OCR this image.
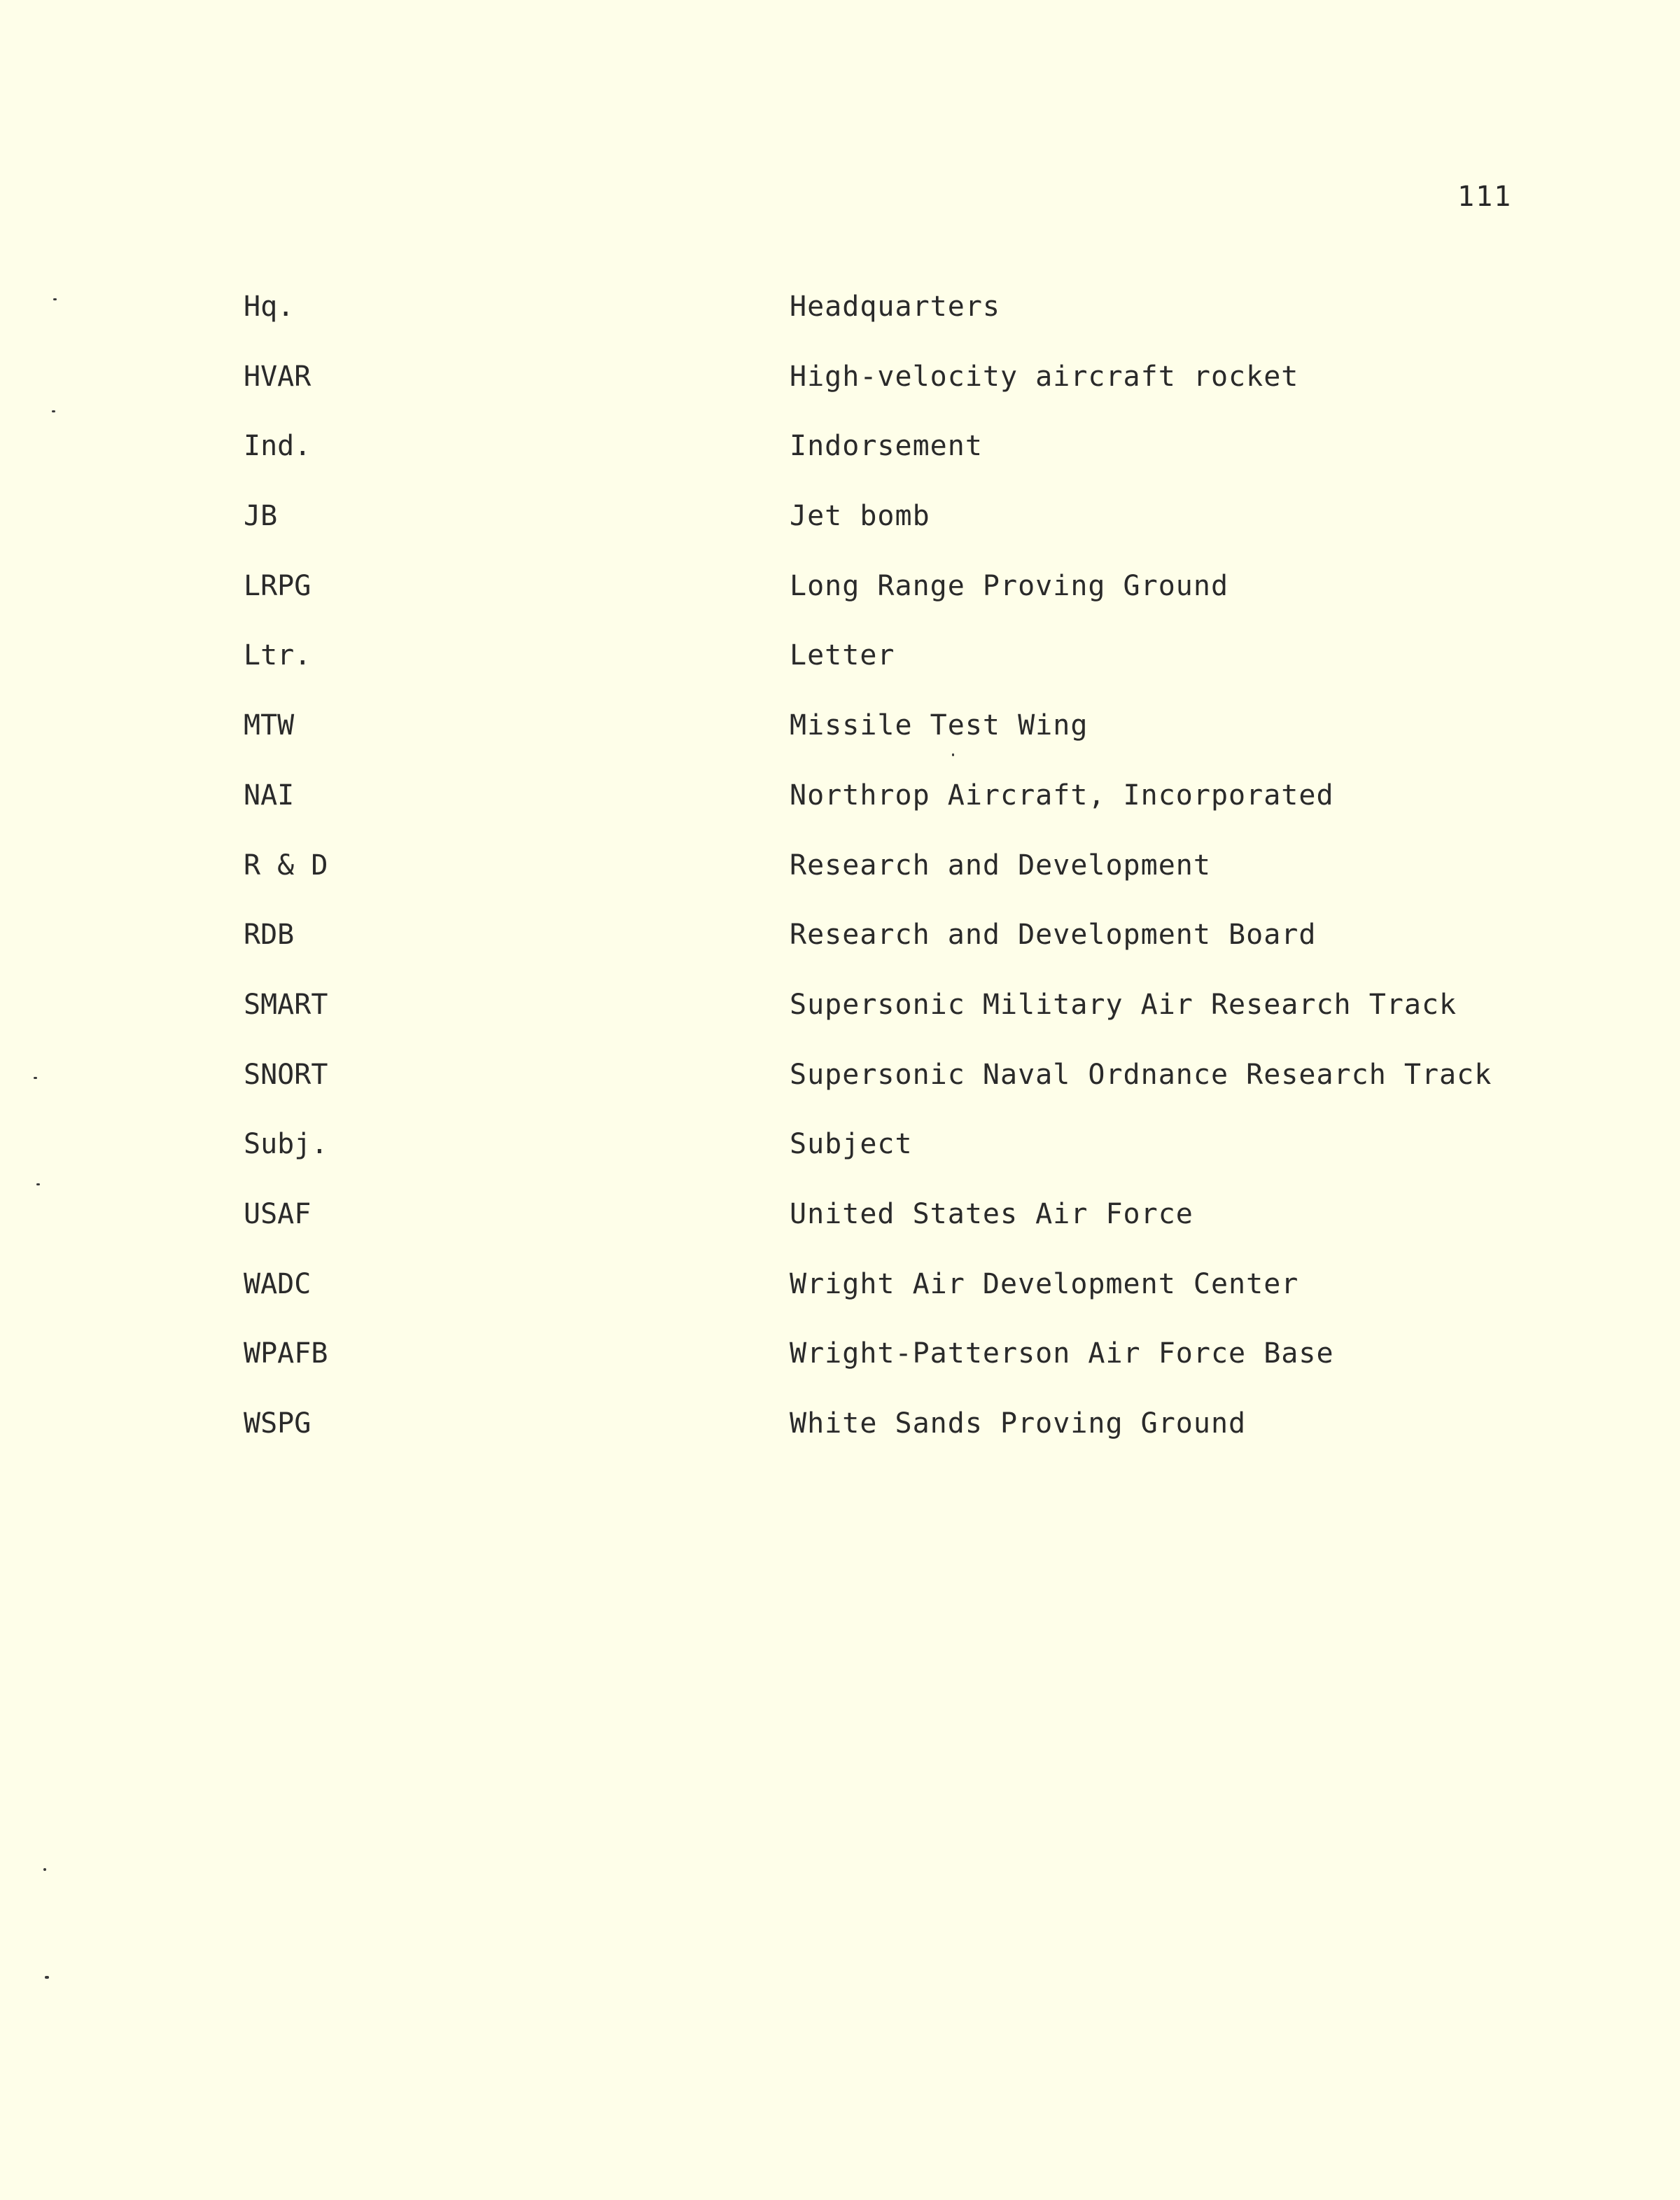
111
Hq.	Headquarters
HVAR	High-velocity aircraft rocket
Ind.	Indorsement
JB	Jet bomb
LRPG	Long Range Proving Ground
Ltr.	Letter
MTW	Missile Test Wing
NAI	Northrop Aircraft, Incorporated
R & D	Research and Development
RDB	Research and Development Board
SMART	Supersonic Military Air Research Track
SNORT	Supersonic Naval Ordnance Research Track
Subj.	Subject
USAF	United States Air Force
WADC	Wright Air Development Center
WPAFB	Wright-Patterson Air Force Base
WSPG	White Sands Proving Ground
